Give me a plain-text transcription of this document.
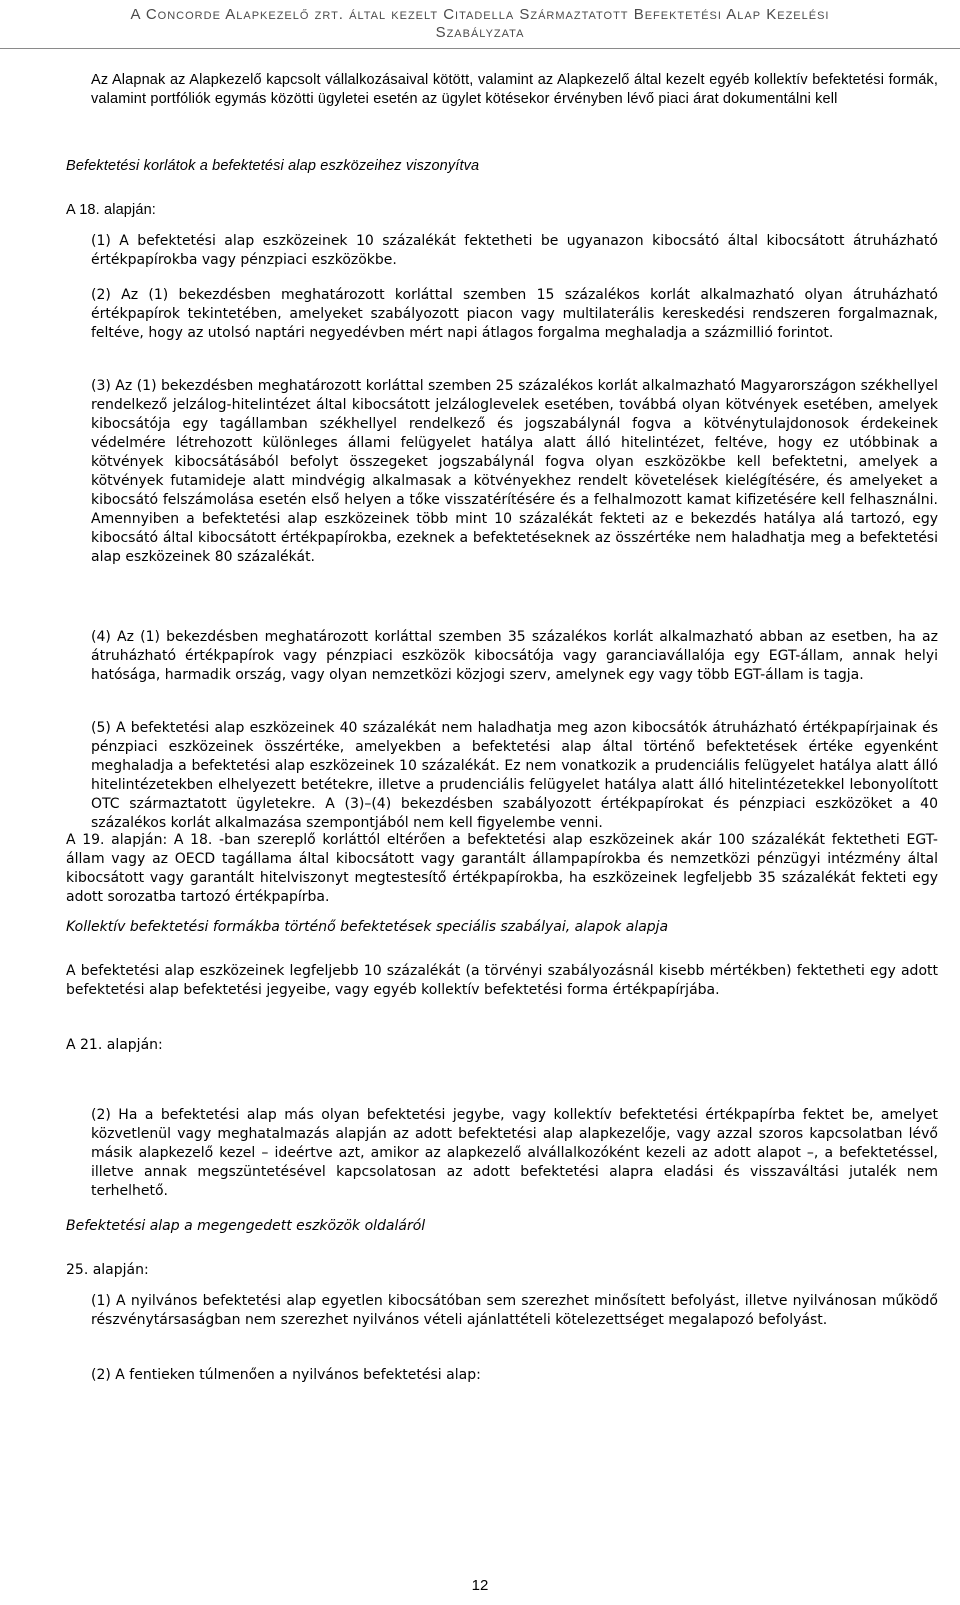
A Concorde Alapkezelő zrt. által kezelt Citadella Származtatott Befektetési Alap Kezelési
Szabályzata

Az Alapnak az Alapkezelő kapcsolt vállalkozásaival kötött, valamint az Alapkezelő által kezelt egyéb kollektív befektetési formák, valamint portfóliók egymás közötti ügyletei esetén az ügylet kötésekor érvényben lévő piaci árat dokumentálni kell

Befektetési korlátok a befektetési alap eszközeihez viszonyítva

A 18. alapján:

(1) A befektetési alap eszközeinek 10 százalékát fektetheti be ugyanazon kibocsátó által kibocsátott átruházható értékpapírokba vagy pénzpiaci eszközökbe.

(2) Az (1) bekezdésben meghatározott korláttal szemben 15 százalékos korlát alkalmazható olyan átruházható értékpapírok tekintetében, amelyeket szabályozott piacon vagy multilaterális kereskedési rendszeren forgalmaznak, feltéve, hogy az utolsó naptári negyedévben mért napi átlagos forgalma meghaladja a százmillió forintot.

(3) Az (1) bekezdésben meghatározott korláttal szemben 25 százalékos korlát alkalmazható Magyarországon székhellyel rendelkező jelzálog-hitelintézet által kibocsátott jelzáloglevelek esetében, továbbá olyan kötvények esetében, amelyek kibocsátója egy tagállamban székhellyel rendelkező és jogszabálynál fogva a kötvénytulajdonosok érdekeinek védelmére létrehozott különleges állami felügyelet hatálya alatt álló hitelintézet, feltéve, hogy ez utóbbinak a kötvények kibocsátásából befolyt összegeket jogszabálynál fogva olyan eszközökbe kell befektetni, amelyek a kötvények futamideje alatt mindvégig alkalmasak a kötvényekhez rendelt követelések kielégítésére, és amelyeket a kibocsátó felszámolása esetén első helyen a tőke visszatérítésére és a felhalmozott kamat kifizetésére kell felhasználni. Amennyiben a befektetési alap eszközeinek több mint 10 százalékát fekteti az e bekezdés hatálya alá tartozó, egy kibocsátó által kibocsátott értékpapírokba, ezeknek a befektetéseknek az összértéke nem haladhatja meg a befektetési alap eszközeinek 80 százalékát.

(4) Az (1) bekezdésben meghatározott korláttal szemben 35 százalékos korlát alkalmazható abban az esetben, ha az átruházható értékpapírok vagy pénzpiaci eszközök kibocsátója vagy garanciavállalója egy EGT-állam, annak helyi hatósága, harmadik ország, vagy olyan nemzetközi közjogi szerv, amelynek egy vagy több EGT-állam is tagja.

(5) A befektetési alap eszközeinek 40 százalékát nem haladhatja meg azon kibocsátók átruházható értékpapírjainak és pénzpiaci eszközeinek összértéke, amelyekben a befektetési alap által történő befektetések értéke egyenként meghaladja a befektetési alap eszközeinek 10 százalékát. Ez nem vonatkozik a prudenciális felügyelet hatálya alatt álló hitelintézetekben elhelyezett betétekre, illetve a prudenciális felügyelet hatálya alatt álló hitelintézetekkel lebonyolított OTC származtatott ügyletekre. A (3)–(4) bekezdésben szabályozott értékpapírokat és pénzpiaci eszközöket a 40 százalékos korlát alkalmazása szempontjából nem kell figyelembe venni.

A 19. alapján: A 18. -ban szereplő korláttól eltérően a befektetési alap eszközeinek akár 100 százalékát fektetheti EGT-állam vagy az OECD tagállama által kibocsátott vagy garantált állampapírokba és nemzetközi pénzügyi intézmény által kibocsátott vagy garantált hitelviszonyt megtestesítő értékpapírokba, ha eszközeinek legfeljebb 35 százalékát fekteti egy adott sorozatba tartozó értékpapírba.

Kollektív befektetési formákba történő befektetések speciális szabályai, alapok alapja

A befektetési alap eszközeinek legfeljebb 10 százalékát (a törvényi szabályozásnál kisebb mértékben) fektetheti egy adott befektetési alap befektetési jegyeibe, vagy egyéb kollektív befektetési forma értékpapírjába.

A 21. alapján:

(2) Ha a befektetési alap más olyan befektetési jegybe, vagy kollektív befektetési értékpapírba fektet be, amelyet közvetlenül vagy meghatalmazás alapján az adott befektetési alap alapkezelője, vagy azzal szoros kapcsolatban lévő másik alapkezelő kezel – ideértve azt, amikor az alapkezelő alvállalkozóként kezeli az adott alapot –, a befektetéssel, illetve annak megszüntetésével kapcsolatosan az adott befektetési alapra eladási és visszaváltási jutalék nem terhelhető.

Befektetési alap a megengedett eszközök oldaláról

25. alapján:

(1) A nyilvános befektetési alap egyetlen kibocsátóban sem szerezhet minősített befolyást, illetve nyilvánosan működő részvénytársaságban nem szerezhet nyilvános vételi ajánlattételi kötelezettséget megalapozó befolyást.

(2) A fentieken túlmenően a nyilvános befektetési alap:

12
